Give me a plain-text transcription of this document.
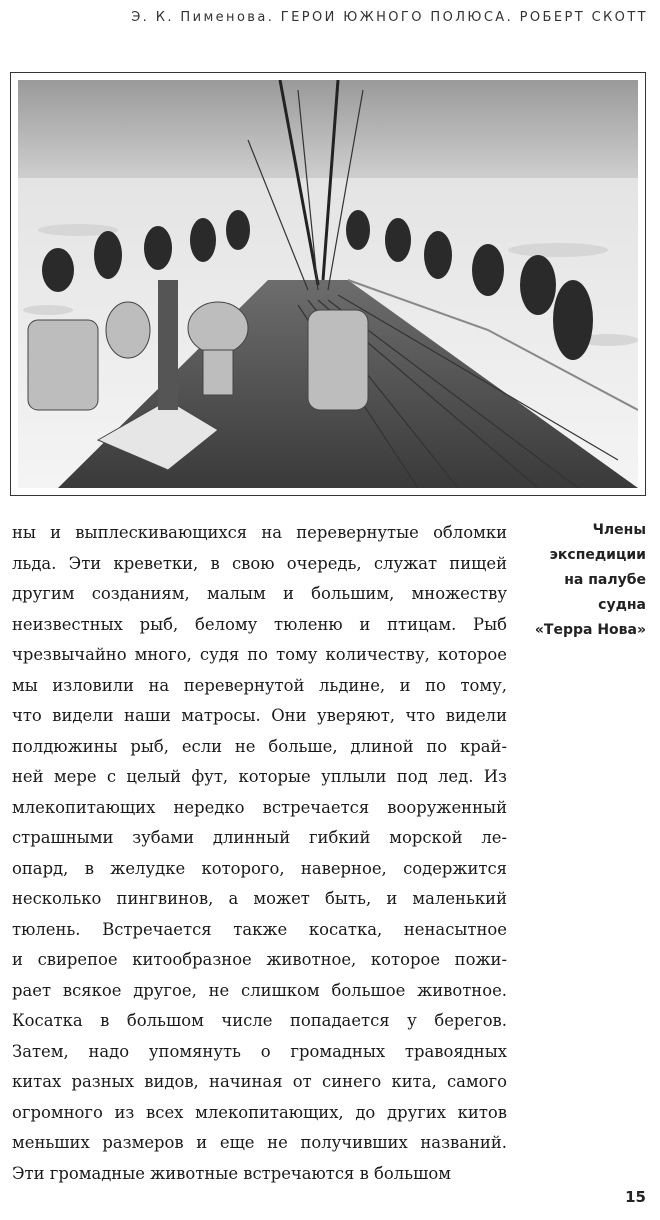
Э. К. Пименова. ГЕРОИ ЮЖНОГО ПОЛЮСА. РОБЕРТ СКОТТ
ны и выплескивающихся на перевернутые обломки
льда. Эти креветки, в свою очередь, служат пищей
другим созданиям, малым и большим, множеству
неизвестных рыб, белому тюленю и птицам. Рыб
чрезвычайно много, судя по тому количеству, которое
мы изловили на перевернутой льдине, и по тому,
что видели наши матросы. Они уверяют, что видели
полдюжины рыб, если не больше, длиной по край-
ней мере с целый фут, которые уплыли под лед. Из
млекопитающих нередко встречается вооруженный
страшными зубами длинный гибкий морской ле-
опард, в желудке которого, наверное, содержится
несколько пингвинов, а может быть, и маленький
тюлень. Встречается также косатка, ненасытное
и свирепое китообразное животное, которое пожи-
рает всякое другое, не слишком большое животное.
Косатка в большом числе попадается у берегов.
Затем, надо упомянуть о громадных травоядных
китах разных видов, начиная от синего кита, самого
огромного из всех млекопитающих, до других китов
меньших размеров и еще не получивших названий.
Эти громадные животные встречаются в большом
Члены
экспедиции
на палубе
судна
«Терра Нова»
15
